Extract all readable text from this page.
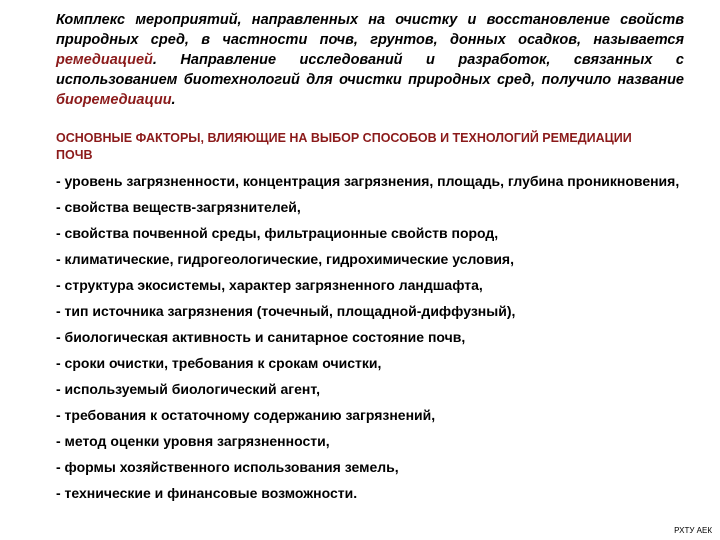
Комплекс мероприятий, направленных на очистку и восстановление свойств природных сред, в частности почв, грунтов, донных осадков, называется ремедиацией. Направление исследований и разработок, связанных с использованием биотехнологий для очистки природных сред, получило название биоремедиации.

ОСНОВНЫЕ ФАКТОРЫ, ВЛИЯЮЩИЕ НА ВЫБОР СПОСОБОВ И ТЕХНОЛОГИЙ РЕМЕДИАЦИИ ПОЧВ
- уровень загрязненности, концентрация загрязнения, площадь, глубина проникновения,
- свойства веществ-загрязнителей,
- свойства почвенной среды, фильтрационные свойств пород,
- климатические, гидрогеологические, гидрохимические условия,
- структура экосистемы, характер загрязненного ландшафта,
- тип источника загрязнения (точечный, площадной-диффузный),
- биологическая активность и санитарное состояние почв,
- сроки очистки, требования к срокам очистки,
- используемый биологический агент,
- требования к остаточному содержанию загрязнений,
- метод оценки уровня загрязненности,
- формы хозяйственного использования земель,
- технические и финансовые возможности.
РХТУ АЕК
